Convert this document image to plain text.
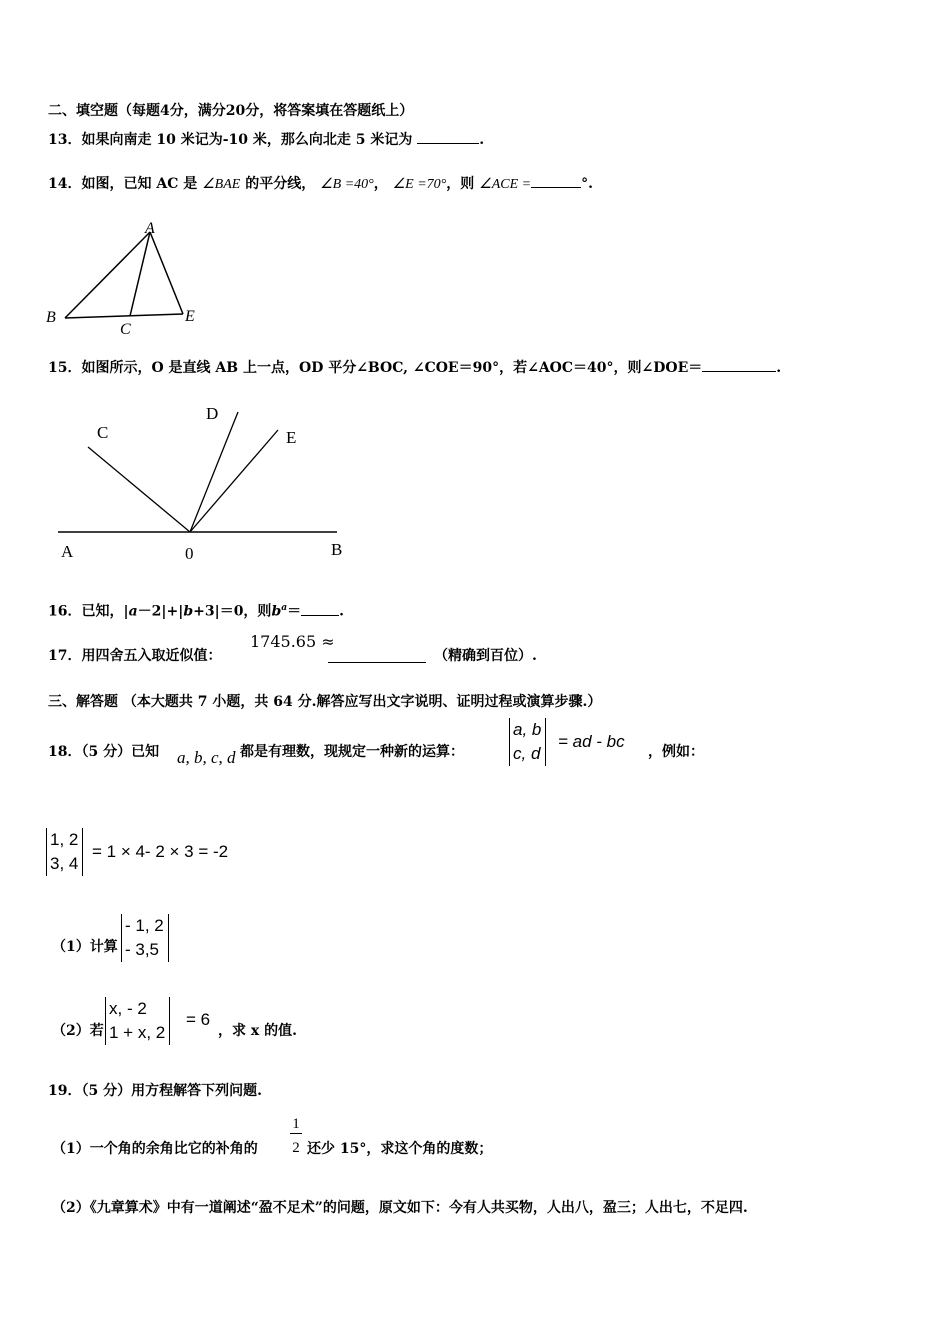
二、填空题（每题4分，满分20分，将答案填在答题纸上）
13．如果向南走 10 米记为-10 米，那么向北走 5 米记为	.
14．如图，已知 AC 是 ∠BAE 的平分线， ∠B =40°， ∠E =70°，则 ∠ACE =	°.
A
B
C
E
15．如图所示，O 是直线 AB 上一点，OD 平分∠BOC, ∠COE＝90°，若∠AOC＝40°，则∠DOE＝	.
C
D
E
A	0	B
16．已知，|a－2|+|b+3|＝0，则$b^a=$	.
17．用四舍五入取近似值：
1745.65 ≈
（精确到百位）.
三、解答题 （本大题共 7 小题，共 64 分.解答应写出文字说明、证明过程或演算步骤.）
18．（5 分）已知 a, b, c, d 都是有理数，现规定一种新的运算：
a, b
c, d
= ad - bc
，例如：
1, 2
3, 4
= 1 × 4- 2 × 3 = -2
（1）计算
- 1, 2
- 3,5
（2）若
x, - 2
1 + x, 2
= 6
，求 x 的值.
19．（5 分）用方程解答下列问题.
（1）一个角的余角比它的补角的
1
2 还少 15°，求这个角的度数；
（2）《九章算术》中有一道阐述“盈不足术”的问题，原文如下：今有人共买物，人出八，盈三；人出七，不足四.
